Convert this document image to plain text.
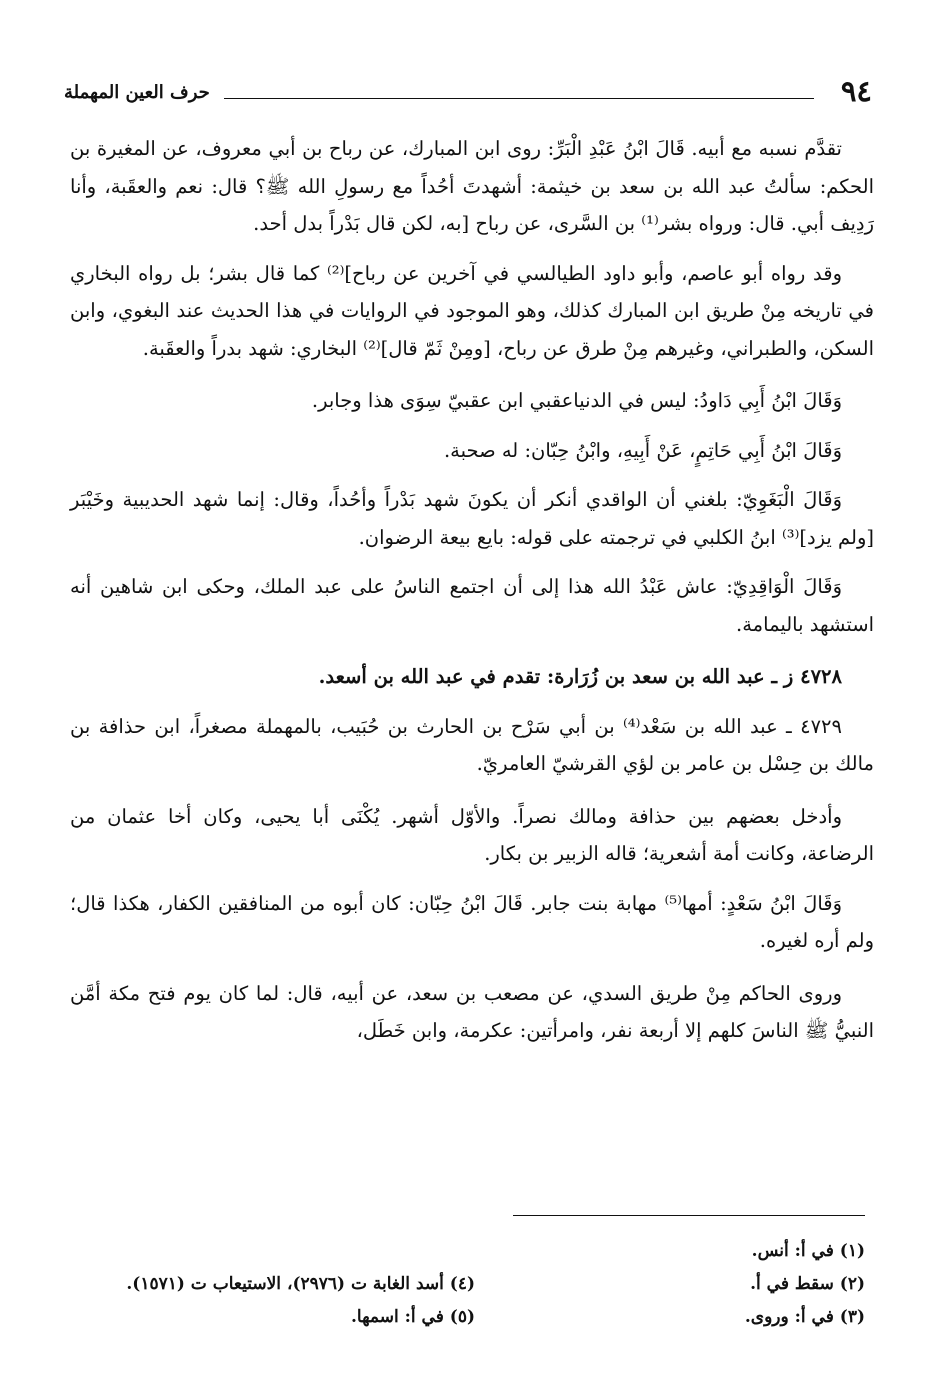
٩٤
حرف العين المهملة

تقدَّم نسبه مع أبيه. قَالَ ابْنُ عَبْدِ الْبَرِّ: روى ابن المبارك، عن رباح بن أبي معروف، عن المغيرة بن الحكم: سألتُ عبد الله بن سعد بن خيثمة: أشهدتَ أحُداً مع رسولِ الله ﷺ؟ قال: نعم والعقَبة، وأنا رَدِيف أبي. قال: ورواه بشر⁽¹⁾ بن السَّرى، عن رباح [به، لكن قال بَدْراً بدل أحد.

وقد رواه أبو عاصم، وأبو داود الطيالسي في آخرين عن رباح]⁽²⁾ كما قال بشر؛ بل رواه البخاري في تاريخه مِنْ طريق ابن المبارك كذلك، وهو الموجود في الروايات في هذا الحديث عند البغوي، وابن السكن، والطبراني، وغيرهم مِنْ طرق عن رباح، [ومِنْ ثَمّ قال]⁽²⁾ البخاري: شهد بدراً والعقَبة.

وَقَالَ ابْنُ أَبِي دَاودُ: ليس في الدنياعقبي ابن عقبيّ سِوَى هذا وجابر.

وَقَالَ ابْنُ أَبِي حَاتِمٍ، عَنْ أَبِيهِ، وابْنُ حِبّان: له صحبة.

وَقَالَ الْبَغَوِيّ: بلغني أن الواقدي أنكر أن يكونَ شهد بَدْراً وأحُداً، وقال: إنما شهد الحديبية وخَيْبَر [ولم يزد]⁽³⁾ ابنُ الكلبي في ترجمته على قوله: بايع بيعة الرضوان.

وَقَالَ الْوَاقِدِيّ: عاش عَبْدُ الله هذا إلى أن اجتمع الناسُ على عبد الملك، وحكى ابن شاهين أنه استشهد باليمامة.

٤٧٢٨ ز ـ عبد الله بن سعد بن زُرَارة: تقدم في عبد الله بن أسعد.

٤٧٢٩ ـ عبد الله بن سَعْد⁽⁴⁾ بن أبي سَرْح بن الحارث بن حُبَيب، بالمهملة مصغراً، ابن حذافة بن مالك بن حِسْل بن عامر بن لؤي القرشيّ العامريّ.

وأدخل بعضهم بين حذافة ومالك نصراً. والأوّل أشهر. يُكْنَى أبا يحيى، وكان أخا عثمان من الرضاعة، وكانت أمة أشعرية؛ قاله الزبير بن بكار.

وَقَالَ ابْنُ سَعْدٍ: أمها⁽⁵⁾ مهابة بنت جابر. قَالَ ابْنُ حِبّان: كان أبوه من المنافقين الكفار، هكذا قال؛ ولم أره لغيره.

وروى الحاكم مِنْ طريق السدي، عن مصعب بن سعد، عن أبيه، قال: لما كان يوم فتح مكة أمَّن النبيُّ ﷺ الناسَ كلهم إلا أربعة نفر، وامرأتين: عكرمة، وابن خَطَل،

(١) في أ: أنس.
(٢) سقط في أ.
(٤) أسد الغابة ت (٢٩٧٦)، الاستيعاب ت (١٥٧١).
(٣) في أ: وروى.
(٥) في أ: اسمها.
